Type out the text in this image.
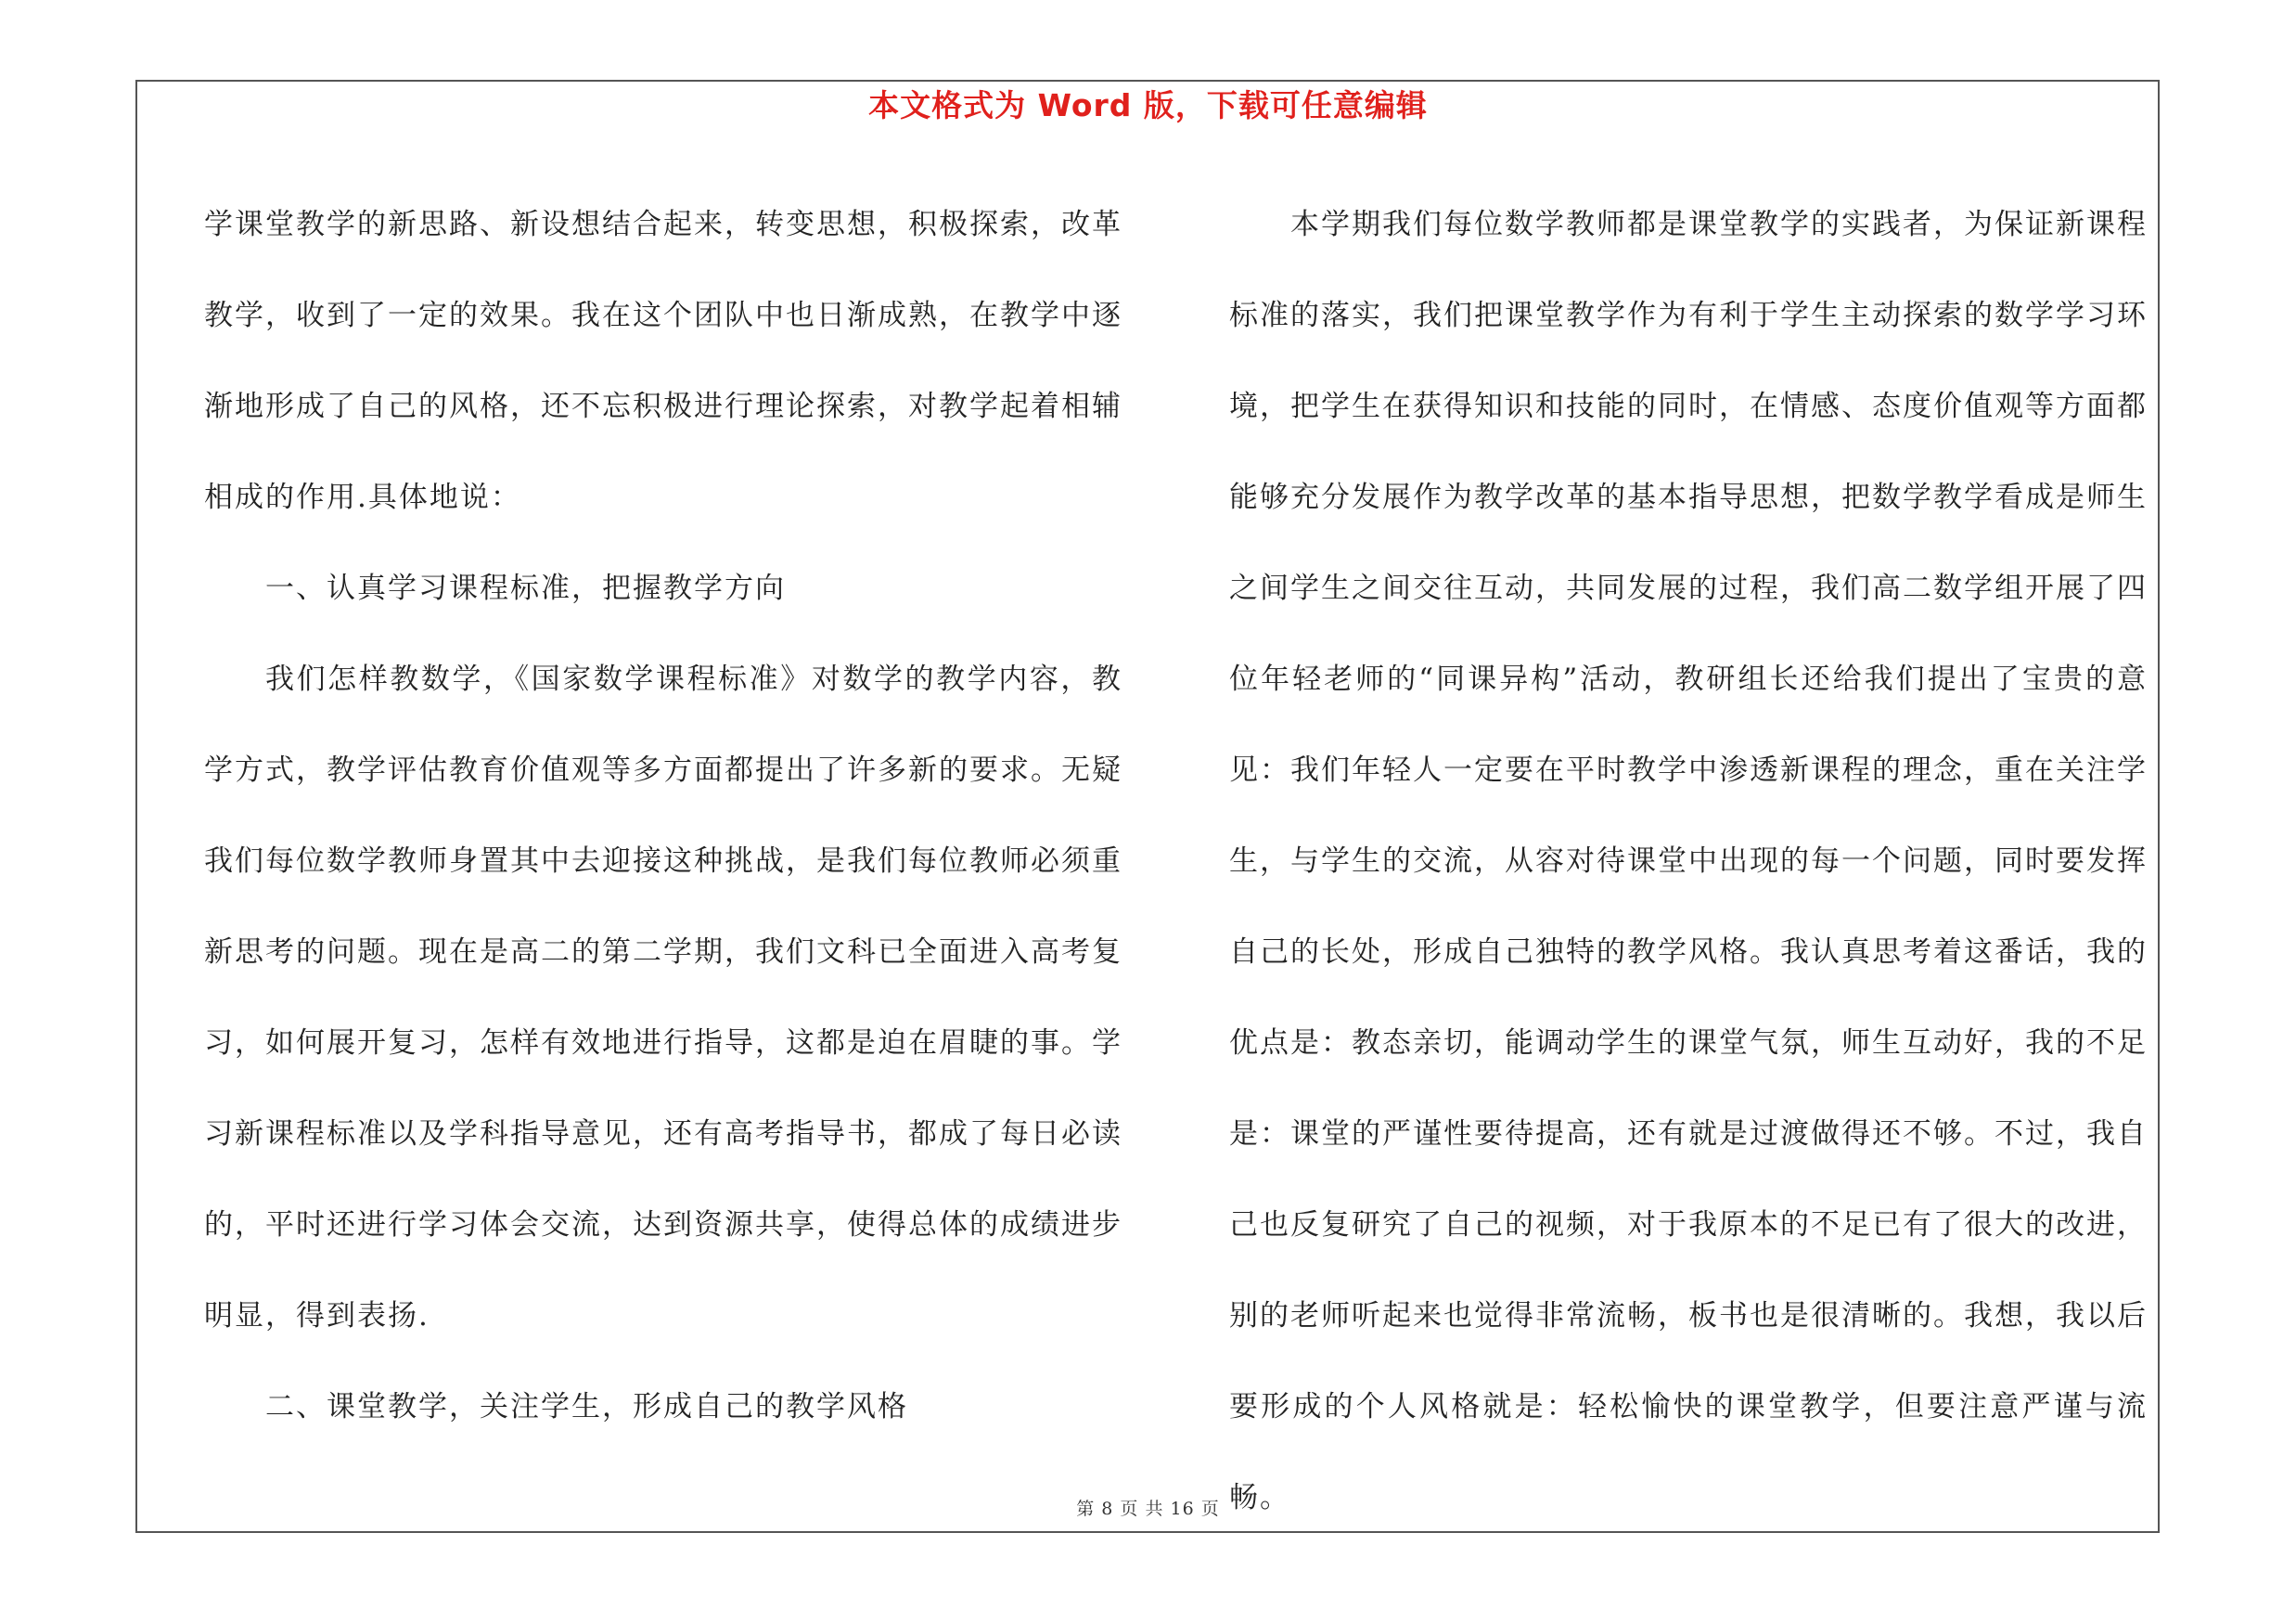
本文格式为 Word 版，下载可任意编辑

学课堂教学的新思路、新设想结合起来，转变思想，积极探索，改革教学，收到了一定的效果。我在这个团队中也日渐成熟，在教学中逐渐地形成了自己的风格，还不忘积极进行理论探索，对教学起着相辅相成的作用.具体地说：

一、认真学习课程标准，把握教学方向

我们怎样教数学，《国家数学课程标准》对数学的教学内容，教学方式，教学评估教育价值观等多方面都提出了许多新的要求。无疑我们每位数学教师身置其中去迎接这种挑战，是我们每位教师必须重新思考的问题。现在是高二的第二学期，我们文科已全面进入高考复习，如何展开复习，怎样有效地进行指导，这都是迫在眉睫的事。学习新课程标准以及学科指导意见，还有高考指导书，都成了每日必读的，平时还进行学习体会交流，达到资源共享，使得总体的成绩进步明显，得到表扬.

二、课堂教学，关注学生，形成自己的教学风格

本学期我们每位数学教师都是课堂教学的实践者，为保证新课程标准的落实，我们把课堂教学作为有利于学生主动探索的数学学习环境，把学生在获得知识和技能的同时，在情感、态度价值观等方面都能够充分发展作为教学改革的基本指导思想，把数学教学看成是师生之间学生之间交往互动，共同发展的过程，我们高二数学组开展了四位年轻老师的“同课异构”活动，教研组长还给我们提出了宝贵的意见：我们年轻人一定要在平时教学中渗透新课程的理念，重在关注学生，与学生的交流，从容对待课堂中出现的每一个问题，同时要发挥自己的长处，形成自己独特的教学风格。我认真思考着这番话，我的优点是：教态亲切，能调动学生的课堂气氛，师生互动好，我的不足是：课堂的严谨性要待提高，还有就是过渡做得还不够。不过，我自己也反复研究了自己的视频，对于我原本的不足已有了很大的改进，别的老师听起来也觉得非常流畅，板书也是很清晰的。我想，我以后要形成的个人风格就是：轻松愉快的课堂教学，但要注意严谨与流畅。

第 8 页 共 16 页
